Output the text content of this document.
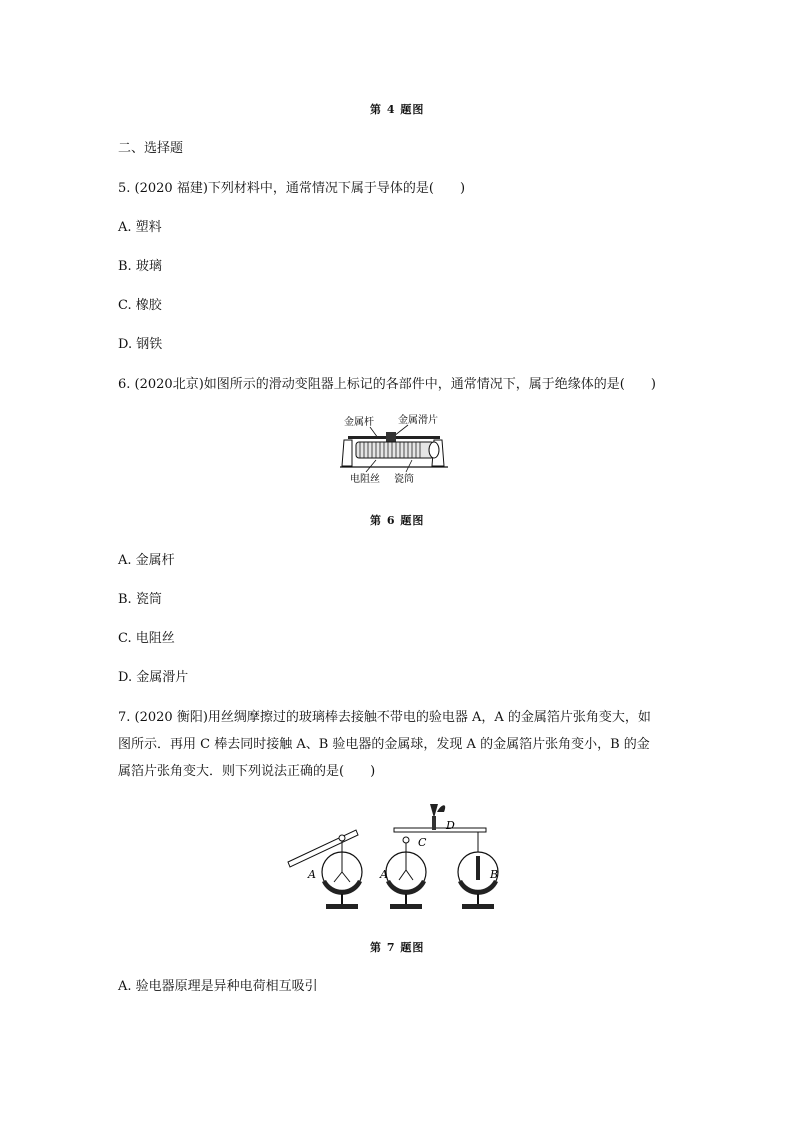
第 4 题图
二、选择题
5. (2020 福建)下列材料中，通常情况下属于导体的是(　　)
A. 塑料
B. 玻璃
C. 橡胶
D. 钢铁
6. (2020北京)如图所示的滑动变阻器上标记的各部件中，通常情况下，属于绝缘体的是(　　)
金属杆 金属滑片
电阻丝 瓷筒
第 6 题图
A. 金属杆
B. 瓷筒
C. 电阻丝
D. 金属滑片
7. (2020 衡阳)用丝绸摩擦过的玻璃棒去接触不带电的验电器 A，A 的金属箔片张角变大，如
图所示．再用 C 棒去同时接触 A、B 验电器的金属球，发现 A 的金属箔片张角变小，B 的金
属箔片张角变大．则下列说法正确的是(　　)
D
C
A	A	B
第 7 题图
A. 验电器原理是异种电荷相互吸引
